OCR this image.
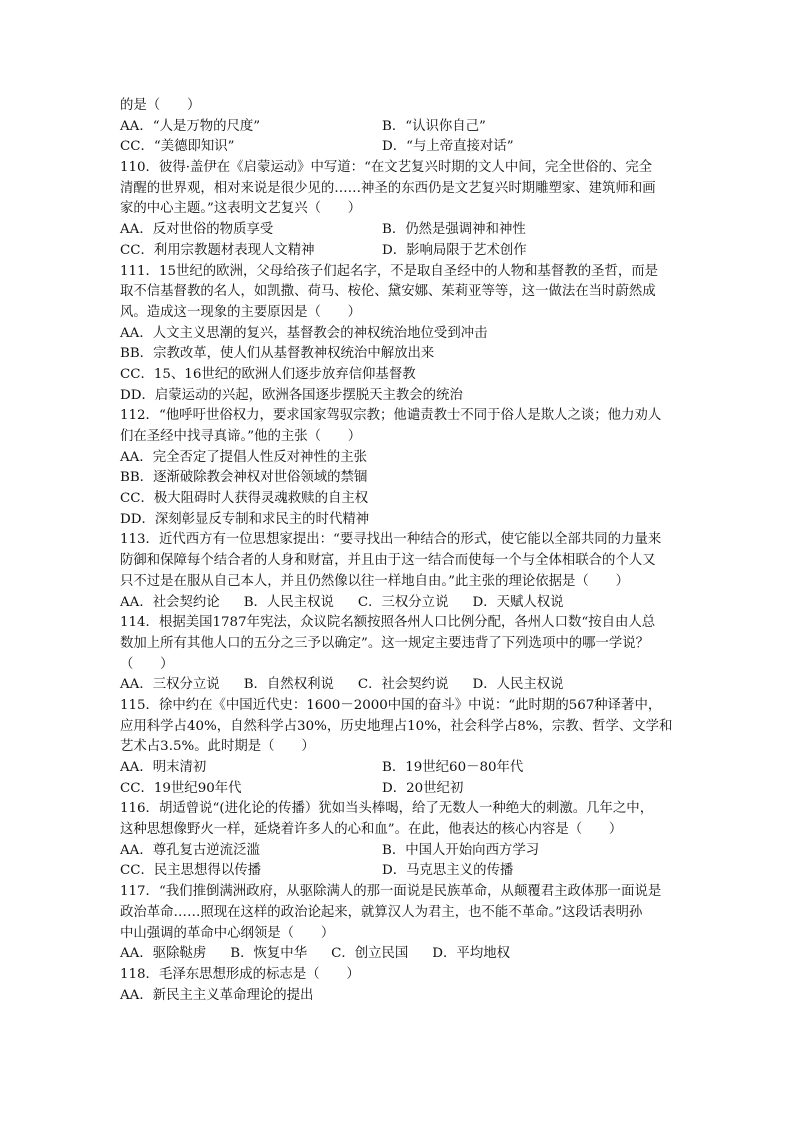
的是（　　）
AA．“人是万物的尺度”	B．“认识你自己”
CC．“美德即知识”	D．“与上帝直接对话”
110．彼得·盖伊在《启蒙运动》中写道：“在文艺复兴时期的文人中间，完全世俗的、完全
清醒的世界观，相对来说是很少见的……神圣的东西仍是文艺复兴时期雕塑家、建筑师和画
家的中心主题。”这表明文艺复兴（　　）
AA．反对世俗的物质享受	B．仍然是强调神和神性
CC．利用宗教题材表现人文精神	D．影响局限于艺术创作
111．15世纪的欧洲，父母给孩子们起名字，不是取自圣经中的人物和基督教的圣哲，而是
取不信基督教的名人，如凯撒、荷马、桉伦、黛安娜、茱莉亚等等，这一做法在当时蔚然成
风。造成这一现象的主要原因是（　　）
AA．人文主义思潮的复兴，基督教会的神权统治地位受到冲击
BB．宗教改革，使人们从基督教神权统治中解放出来
CC．15、16世纪的欧洲人们逐步放弃信仰基督教
DD．启蒙运动的兴起，欧洲各国逐步摆脱天主教会的统治
112．“他呼吁世俗权力，要求国家驾驭宗教；他谴责教士不同于俗人是欺人之谈；他力劝人
们在圣经中找寻真谛。”他的主张（　　）
AA．完全否定了提倡人性反对神性的主张
BB．逐渐破除教会神权对世俗领域的禁锢
CC．极大阻碍时人获得灵魂救赎的自主权
DD．深刻彰显反专制和求民主的时代精神
113．近代西方有一位思想家提出：“要寻找出一种结合的形式，使它能以全部共同的力量来
防御和保障每个结合者的人身和财富，并且由于这一结合而使每一个与全体相联合的个人又
只不过是在服从自己本人，并且仍然像以往一样地自由。”此主张的理论依据是（　　）
AA．社会契约论 B．人民主权说 C．三权分立说 D．天赋人权说
114．根据美国1787年宪法，众议院名额按照各州人口比例分配，各州人口数“按自由人总
数加上所有其他人口的五分之三予以确定”。这一规定主要违背了下列选项中的哪一学说？
（　　）
AA．三权分立说 B．自然权利说 C．社会契约说 D．人民主权说
115．徐中约在《中国近代史：1600－2000中国的奋斗》中说：“此时期的567种译著中，
应用科学占40%，自然科学占30%，历史地理占10%，社会科学占8%，宗教、哲学、文学和
艺术占3.5%。此时期是（　　）
AA．明末清初	B．19世纪60－80年代
CC．19世纪90年代	D．20世纪初
116．胡适曾说“(进化论的传播）犹如当头棒喝，给了无数人一种绝大的刺激。几年之中，
这种思想像野火一样，延烧着许多人的心和血”。在此，他表达的核心内容是（　　）
AA．尊孔复古逆流泛滥	B．中国人开始向西方学习
CC．民主思想得以传播	D．马克思主义的传播
117．“我们推倒满洲政府，从驱除满人的那一面说是民族革命，从颠覆君主政体那一面说是
政治革命……照现在这样的政治论起来，就算汉人为君主，也不能不革命。”这段话表明孙
中山强调的革命中心纲领是（　　）
AA．驱除鞑虏 B．恢复中华 C．创立民国 D．平均地权
118．毛泽东思想形成的标志是（　　）
AA．新民主主义革命理论的提出
